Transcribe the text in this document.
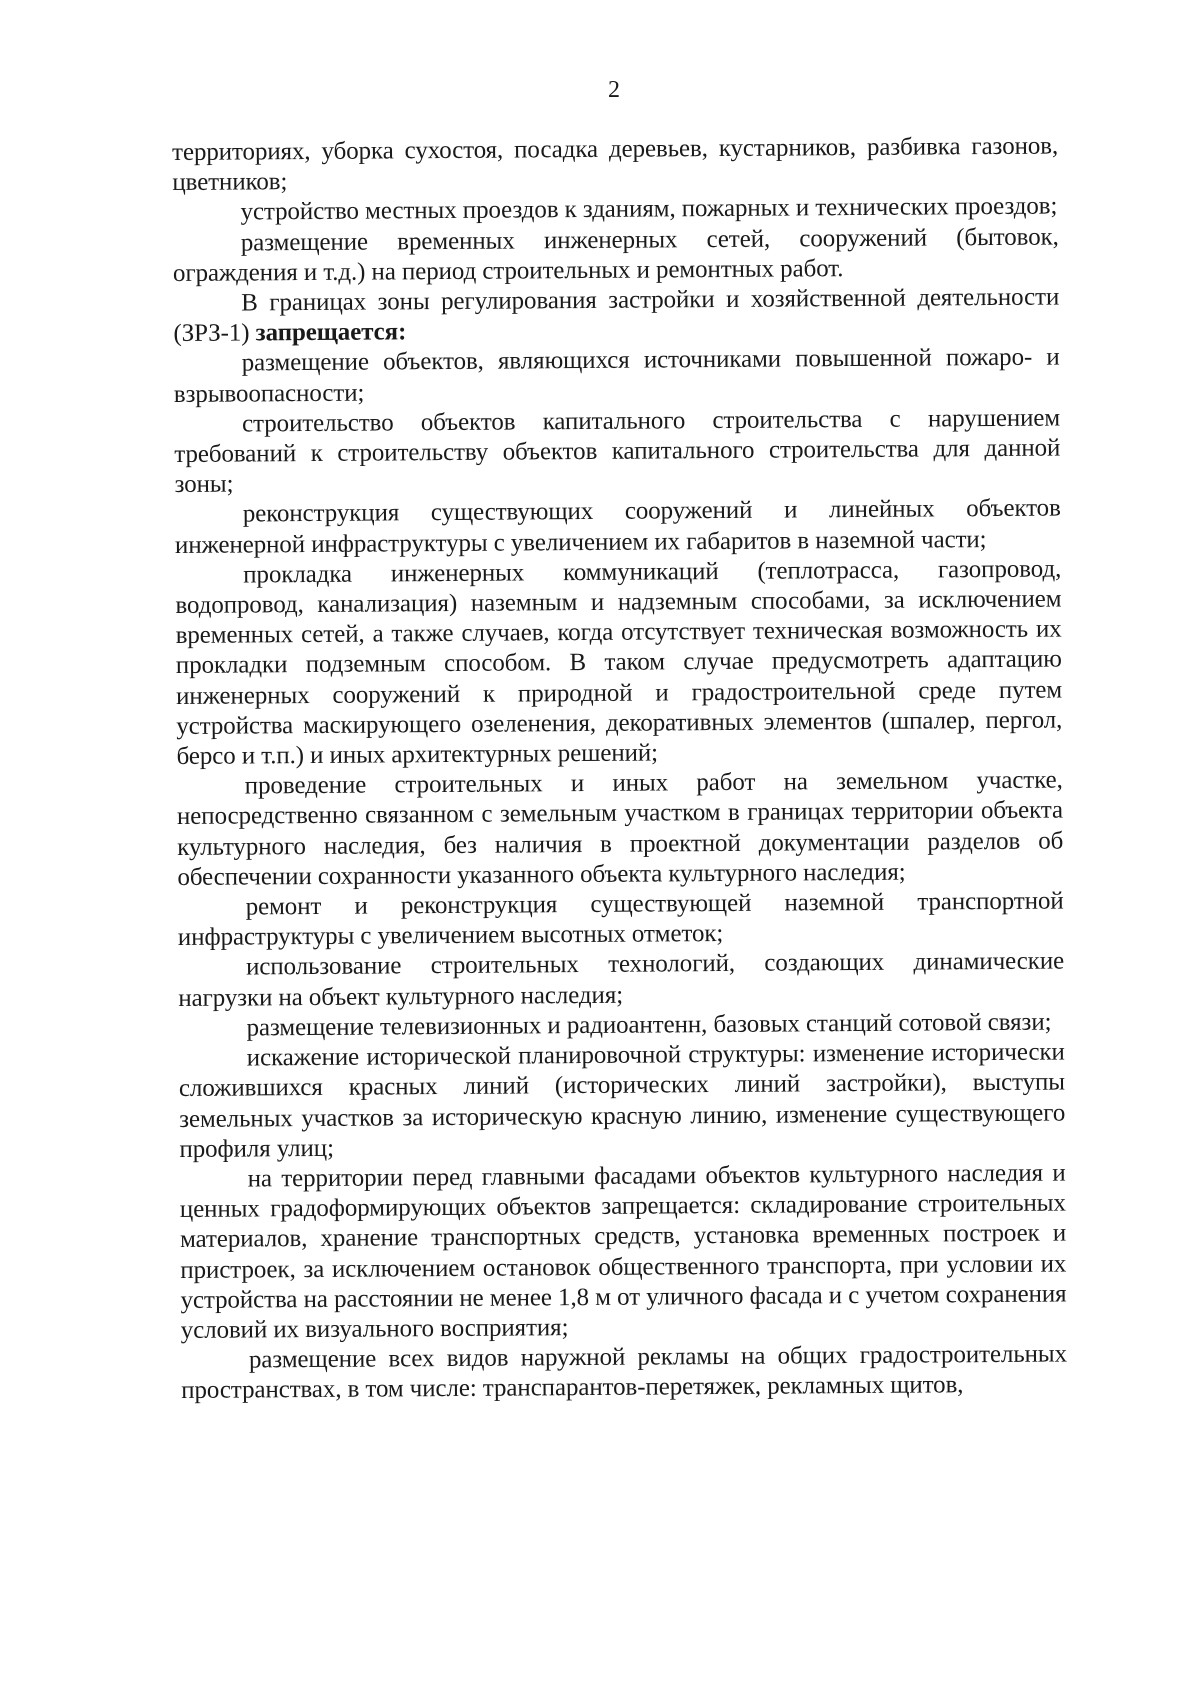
2

территориях, уборка сухостоя, посадка деревьев, кустарников, разбивка газонов, цветников;

устройство местных проездов к зданиям, пожарных и технических проездов;

размещение временных инженерных сетей, сооружений (бытовок, ограждения и т.д.) на период строительных и ремонтных работ.

В границах зоны регулирования застройки и хозяйственной деятельности (ЗРЗ-1) запрещается:

размещение объектов, являющихся источниками повышенной пожаро- и взрывоопасности;

строительство объектов капитального строительства с нарушением требований к строительству объектов капитального строительства для данной зоны;

реконструкция существующих сооружений и линейных объектов инженерной инфраструктуры с увеличением их габаритов в наземной части;

прокладка инженерных коммуникаций (теплотрасса, газопровод, водопровод, канализация) наземным и надземным способами, за исключением временных сетей, а также случаев, когда отсутствует техническая возможность их прокладки подземным способом. В таком случае предусмотреть адаптацию инженерных сооружений к природной и градостроительной среде путем устройства маскирующего озеленения, декоративных элементов (шпалер, пергол, берсо и т.п.) и иных архитектурных решений;

проведение строительных и иных работ на земельном участке, непосредственно связанном с земельным участком в границах территории объекта культурного наследия, без наличия в проектной документации разделов об обеспечении сохранности указанного объекта культурного наследия;

ремонт и реконструкция существующей наземной транспортной инфраструктуры с увеличением высотных отметок;

использование строительных технологий, создающих динамические нагрузки на объект культурного наследия;

размещение телевизионных и радиоантенн, базовых станций сотовой связи;

искажение исторической планировочной структуры: изменение исторически сложившихся красных линий (исторических линий застройки), выступы земельных участков за историческую красную линию, изменение существующего профиля улиц;

на территории перед главными фасадами объектов культурного наследия и ценных градоформирующих объектов запрещается: складирование строительных материалов, хранение транспортных средств, установка временных построек и пристроек, за исключением остановок общественного транспорта, при условии их устройства на расстоянии не менее 1,8 м от уличного фасада и с учетом сохранения условий их визуального восприятия;

размещение всех видов наружной рекламы на общих градостроительных пространствах, в том числе: транспарантов-перетяжек, рекламных щитов,
